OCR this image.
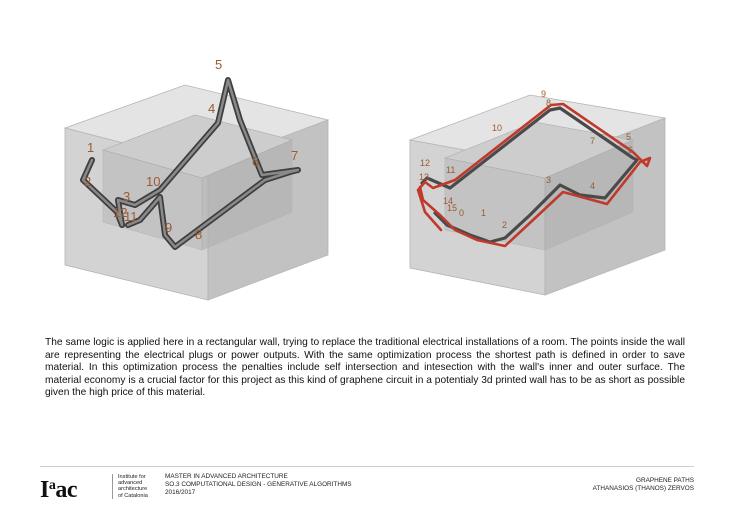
1
2
3
4
5
6 7
8
9
10
11
12	0 1
2
3
4
5
6
7
8
9
10
11
12
13
14
15

The same logic is applied here in a rectangular wall, trying to replace the traditional electrical installations of a room. The points inside the wall are representing the electrical plugs or power outputs. With the same optimization process the shortest path is defined in order to save material. In this optimization process the penalties include self intersection and intesection with the wall's inner and outer surface. The material economy is a crucial factor for this project as this kind of graphene circuit in a potentialy 3d printed wall has to be as short as possible given the high price of this material.

$I^aac$	Institute for
advanced
architecture
of Catalonia
MASTER IN ADVANCED ARCHITECTURE
SO.3 COMPUTATIONAL DESIGN - GENERATIVE ALGORITHMS
2016/2017
GRAPHENE PATHS
ATHANASIOS (THANOS) ZERVOS
